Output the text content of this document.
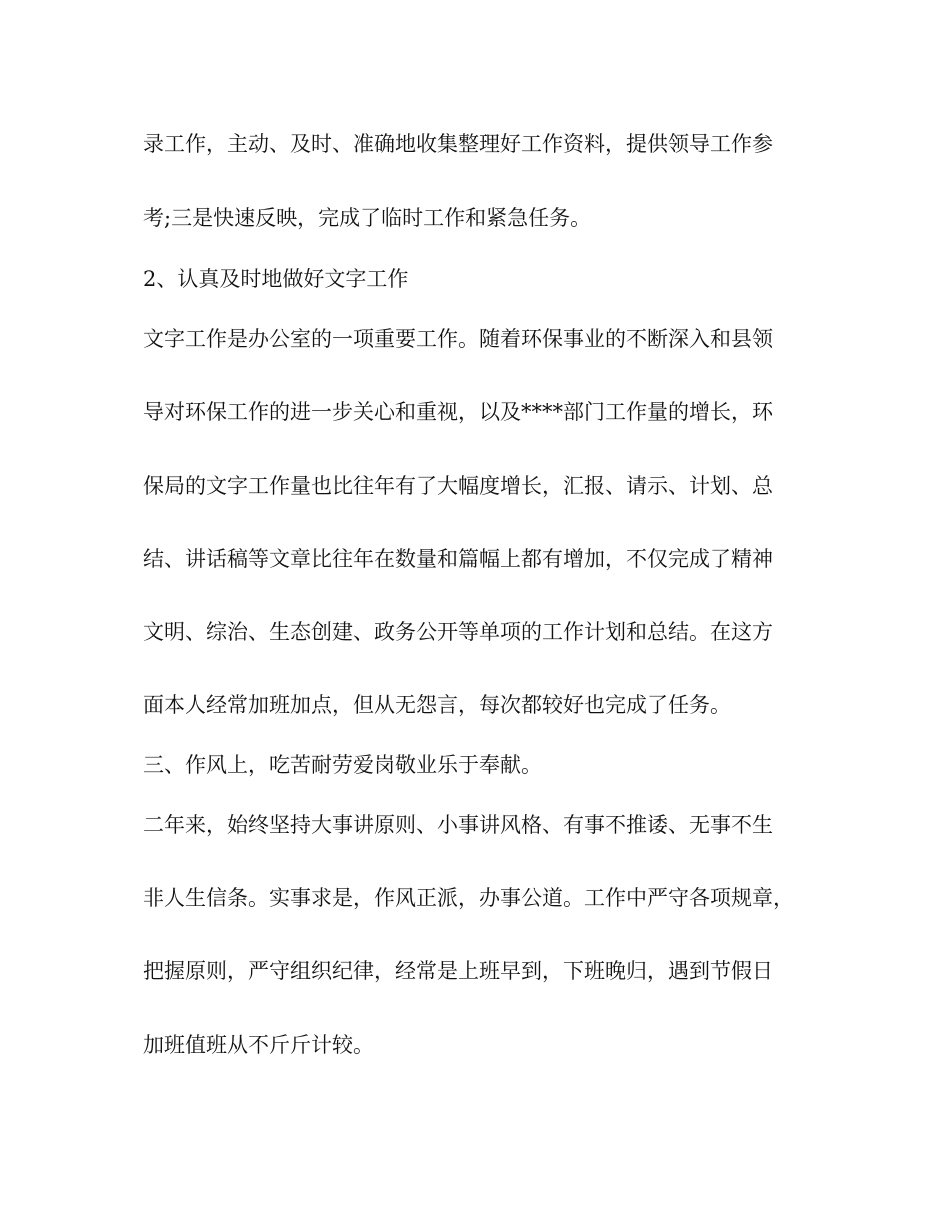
录工作，主动、及时、准确地收集整理好工作资料，提供领导工作参

考;三是快速反映，完成了临时工作和紧急任务。

2、认真及时地做好文字工作

文字工作是办公室的一项重要工作。随着环保事业的不断深入和县领

导对环保工作的进一步关心和重视，以及****部门工作量的增长，环

保局的文字工作量也比往年有了大幅度增长，汇报、请示、计划、总

结、讲话稿等文章比往年在数量和篇幅上都有增加，不仅完成了精神

文明、综治、生态创建、政务公开等单项的工作计划和总结。在这方

面本人经常加班加点，但从无怨言，每次都较好也完成了任务。

三、作风上，吃苦耐劳爱岗敬业乐于奉献。

二年来，始终坚持大事讲原则、小事讲风格、有事不推诿、无事不生

非人生信条。实事求是，作风正派，办事公道。工作中严守各项规章，

把握原则，严守组织纪律，经常是上班早到，下班晚归，遇到节假日

加班值班从不斤斤计较。
